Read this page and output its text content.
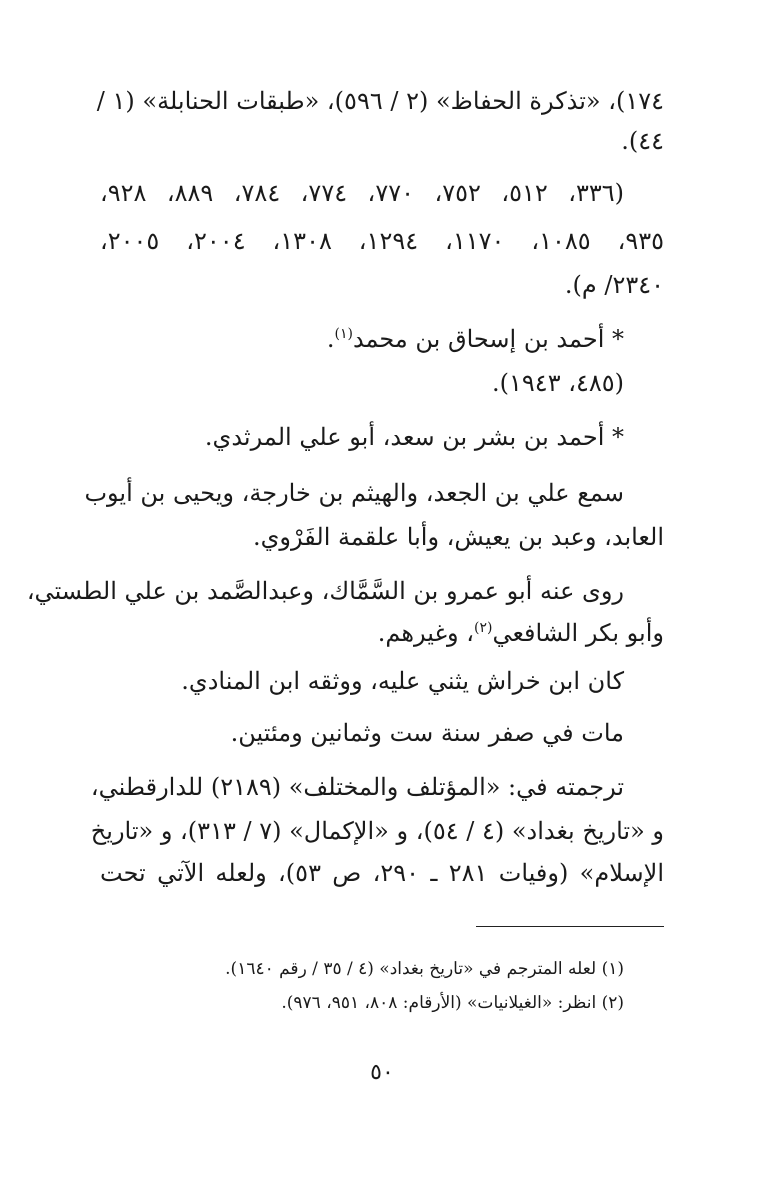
١٧٤)، «تذكرة الحفاظ» (٢ / ٥٩٦)، «طبقات الحنابلة» (١ /
٤٤).
(٣٣٦، ٥١٢، ٧٥٢، ٧٧٠، ٧٧٤، ٧٨٤، ٨٨٩، ٩٢٨،
٩٣٥، ١٠٨٥، ١١٧٠، ١٢٩٤، ١٣٠٨، ٢٠٠٤، ٢٠٠٥،
٢٣٤٠/ م).
* أحمد بن إسحاق بن محمد$^{(١)}$.
(٤٨٥، ١٩٤٣).
* أحمد بن بشر بن سعد، أبو علي المرثدي.
سمع علي بن الجعد، والهيثم بن خارجة، ويحيى بن أيوب
العابد، وعبد بن يعيش، وأبا علقمة الفَرْوي.
روى عنه أبو عمرو بن السَّمَّاك، وعبدالصَّمد بن علي الطستي،
وأبو بكر الشافعي$^{(٢)}$، وغيرهم.
كان ابن خراش يثني عليه، ووثقه ابن المنادي.
مات في صفر سنة ست وثمانين ومئتين.
ترجمته في: «المؤتلف والمختلف» (٢١٨٩) للدارقطني،
و «تاريخ بغداد» (٤ / ٥٤)، و «الإكمال» (٧ / ٣١٣)، و «تاريخ
الإسلام» (وفيات ٢٨١ ـ ٢٩٠، ص ٥٣)، ولعله الآتي تحت
(١) لعله المترجم في «تاريخ بغداد» (٤ / ٣٥ / رقم ١٦٤٠).
(٢) انظر: «الغيلانيات» (الأرقام: ٨٠٨، ٩٥١، ٩٧٦).
٥٠
